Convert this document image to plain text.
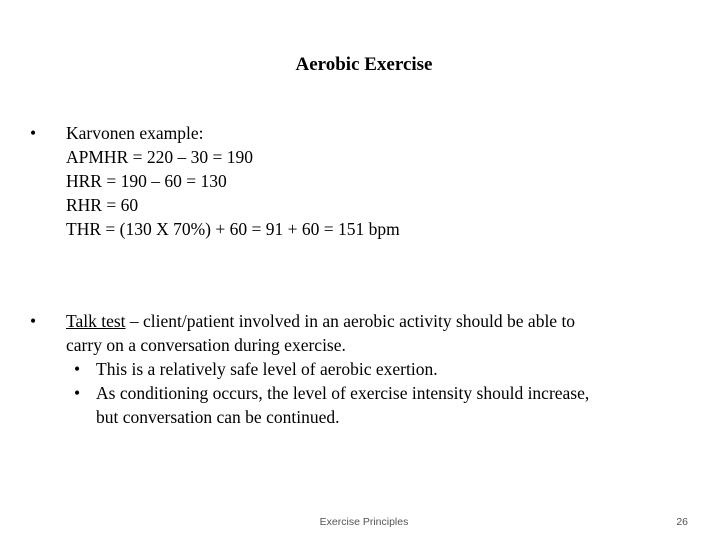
Aerobic Exercise
•	Karvonen example:
APMHR = 220 – 30 = 190
HRR = 190 – 60 = 130
RHR = 60
THR = (130 X 70%) + 60 = 91 + 60 = 151 bpm
•	Talk test – client/patient involved in an aerobic activity should be able to
carry on a conversation during exercise.
• This is a relatively safe level of aerobic exertion.
• As conditioning occurs, the level of exercise intensity should increase,
but conversation can be continued.
Exercise Principles	26
